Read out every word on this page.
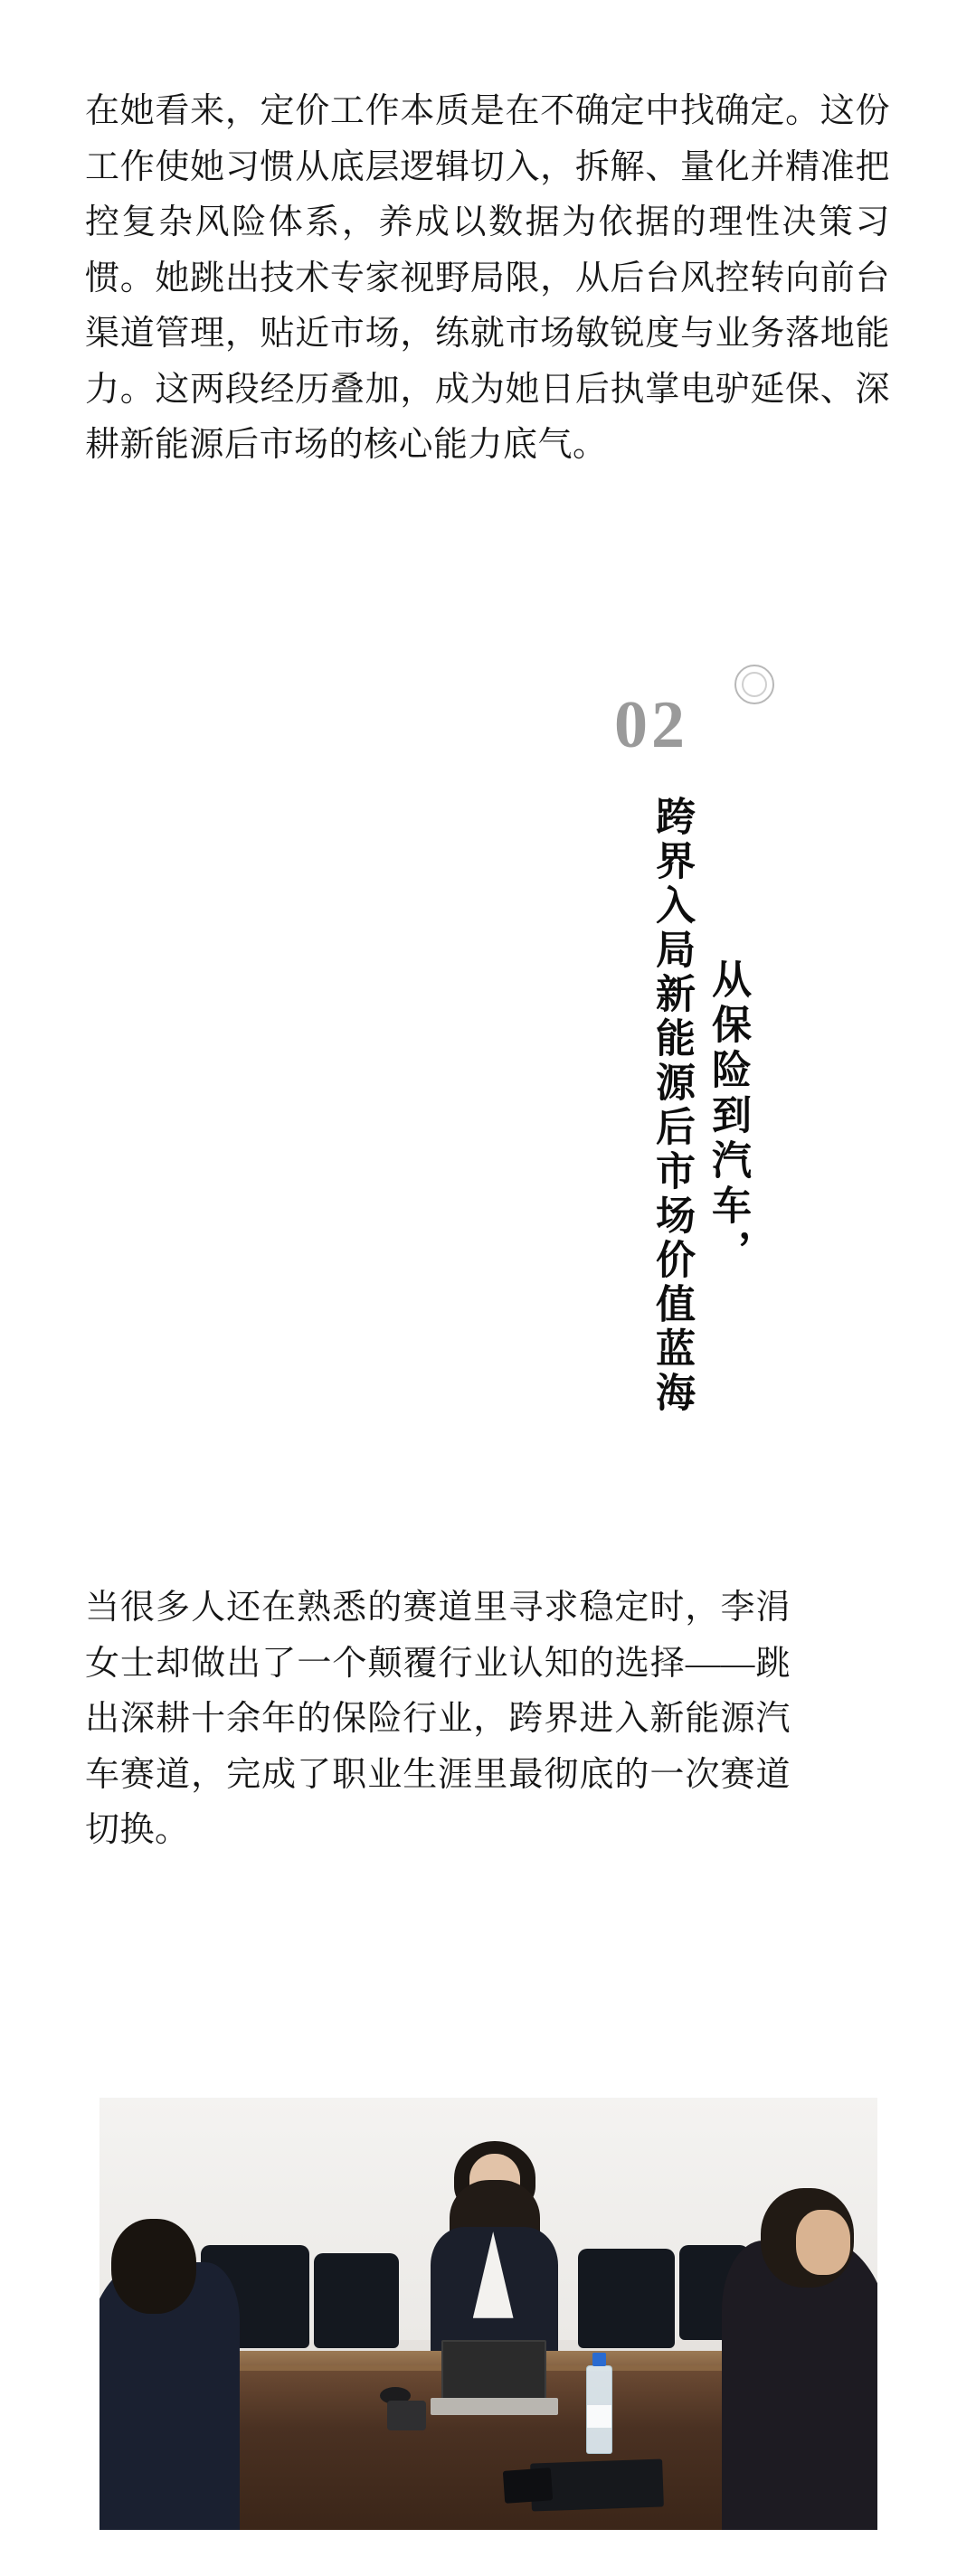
在她看来，定价工作本质是在不确定中找确定。这份工作使她习惯从底层逻辑切入，拆解、量化并精准把控复杂风险体系，养成以数据为依据的理性决策习惯。她跳出技术专家视野局限，从后台风控转向前台渠道管理，贴近市场，练就市场敏锐度与业务落地能力。这两段经历叠加，成为她日后执掌电驴延保、深耕新能源后市场的核心能力底气。

02
从保险到汽车，
跨界入局新能源后市场价值蓝海

当很多人还在熟悉的赛道里寻求稳定时，李涓女士却做出了一个颠覆行业认知的选择——跳出深耕十余年的保险行业，跨界进入新能源汽车赛道，完成了职业生涯里最彻底的一次赛道切换。
